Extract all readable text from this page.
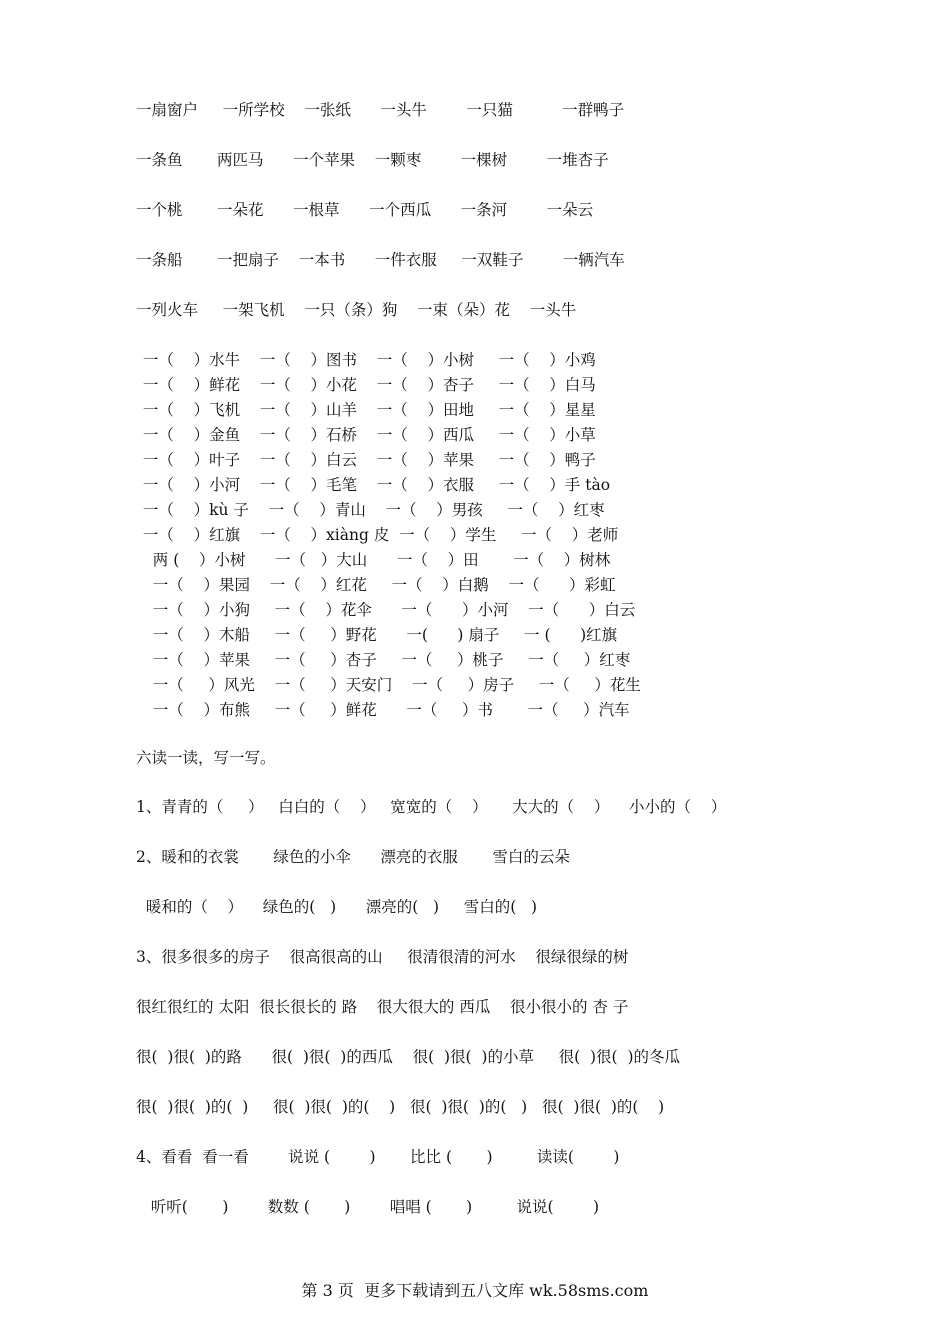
一扇窗户     一所学校    一张纸      一头牛        一只猫          一群鸭子
一条鱼       两匹马      一个苹果    一颗枣        一棵树        一堆杏子
一个桃       一朵花      一根草      一个西瓜      一条河        一朵云
一条船       一把扇子    一本书      一件衣服     一双鞋子        一辆汽车
一列火车     一架飞机    一只（条）狗    一束（朵）花    一头牛
一（    ）水牛    一（    ）图书    一（    ）小树     一（    ）小鸡
一（    ）鲜花    一（    ）小花    一（    ）杏子     一（    ）白马
一（    ）飞机    一（    ）山羊    一（    ）田地     一（    ）星星
一（    ）金鱼    一（    ）石桥    一（    ）西瓜     一（    ）小草
一（    ）叶子    一（    ）白云    一（    ）苹果     一（    ）鸭子
一（    ）小河    一（    ）毛笔    一（    ）衣服     一（    ）手 tào
一（    ）kù 子    一（    ）青山    一（    ）男孩     一（    ）红枣
一（    ）红旗    一（    ）xiàng 皮  一（    ）学生     一（    ）老师
两 (    ）小树      一（   ）大山      一（    ）田       一（    ）树林
一（    ）果园    一（    ）红花     一（    ）白鹅    一（      ）彩虹
一（    ）小狗     一（    ）花伞      一（      ）小河    一（      ）白云
一（    ）木船     一（     ）野花      一(      ) 扇子     一 (      )红旗
一（    ）苹果     一（     ）杏子     一（     ）桃子     一（     ）红枣
一（     ）风光    一（     ）天安门    一（     ）房子     一（     ）花生
一（    ）布熊     一（     ）鲜花      一（     ）书       一（     ）汽车
六读一读，写一写。
1、青青的（     ）   白白的（    ）   宽宽的（    ）     大大的（    ）    小小的（    ）
2、暖和的衣裳       绿色的小伞      漂亮的衣服       雪白的云朵
暖和的（    ）    绿色的(   )      漂亮的(   )     雪白的(   )
3、很多很多的房子    很高很高的山     很清很清的河水    很绿很绿的树
很红很红的 太阳  很长很长的 路    很大很大的 西瓜    很小很小的 杏 子
很(  )很(  )的路      很(  )很(  )的西瓜    很(  )很(  )的小草     很(  )很(  )的冬瓜
很(  )很(  )的(  )     很(  )很(  )的(    )   很(  )很(  )的(   )   很(  )很(  )的(    )
4、看看  看一看        说说 (        )       比比 (       )         读读(        )
听听(       )        数数 (       )        唱唱 (       )         说说(        )
第 3 页  更多下载请到五八文库 wk.58sms.com
